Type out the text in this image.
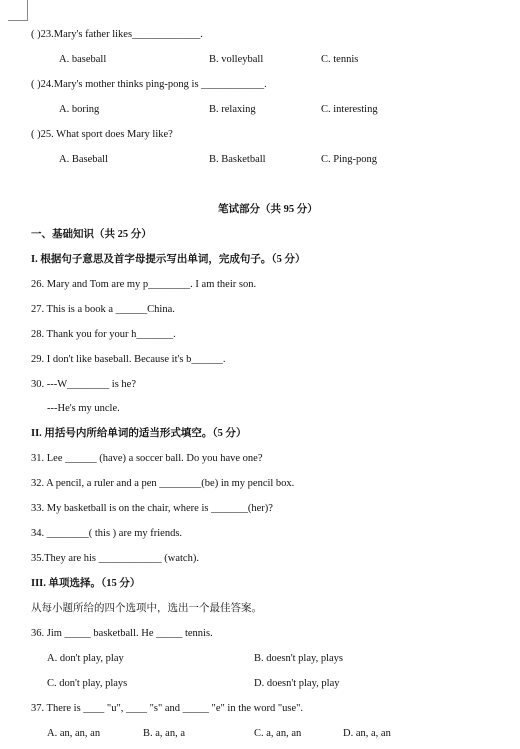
( )23.Mary's father likes_____________.
A. baseball	B. volleyball	C. tennis
( )24.Mary's mother thinks ping-pong is ____________.
A. boring	B. relaxing	C. interesting
( )25. What sport does Mary like?
A. Baseball	B. Basketball	C. Ping-pong
笔试部分（共 95 分）
一、基础知识（共 25 分）
I. 根据句子意思及首字母提示写出单词，完成句子。（5 分）
26. Mary and Tom are my p________. I am their son.
27. This is a book a ______China.
28. Thank you for your h_______.
29. I don't like baseball. Because it's b______.
30. ---W________ is he?
---He's my uncle.
II. 用括号内所给单词的适当形式填空。（5 分）
31. Lee ______ (have) a soccer ball. Do you have one?
32. A pencil, a ruler and a pen ________(be) in my pencil box.
33. My basketball is on the chair, where is _______(her)?
34. ________( this ) are my friends.
35.They are his ____________ (watch).
III. 单项选择。（15 分）
从每小题所给的四个选项中，选出一个最佳答案。
36. Jim _____ basketball. He _____ tennis.
A. don't play, play	B. doesn't play, plays
C. don't play, plays	D. doesn't play, play
37. There is ____ "u", ____ "s" and _____ "e" in the word "use".
A. an, an, an	B. a, an, a	C. a, an, an	D. an, a, an
